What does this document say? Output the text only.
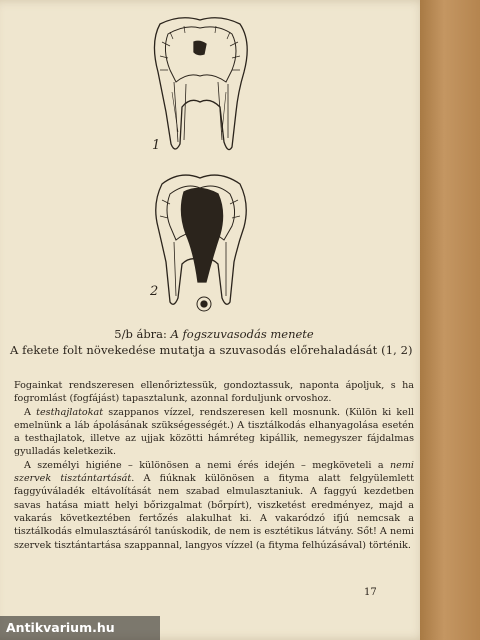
1
2
5/b ábra: A fogszuvasodás menete
A fekete folt növekedése mutatja a szuvasodás előrehaladását (1, 2)

Fogainkat rendszeresen ellenőriztessük, gondoztassuk, naponta ápoljuk, s ha fogromlást (fogfájást) tapasztalunk, azonnal forduljunk orvoshoz.

A testhajlatokat szappanos vízzel, rendszeresen kell mosnunk. (Külön ki kell emelnünk a láb ápolásának szükségességét.) A tisztálkodás elhanyagolása esetén a testhajlatok, illetve az ujjak közötti hámréteg kipállik, nemegyszer fájdalmas gyulladás keletkezik.

A személyi higiéne – különösen a nemi érés idején – megköveteli a nemi szervek tisztántartását. A fiúknak különösen a fityma alatt felgyülemlett faggyúváladék eltávolítását nem szabad elmulasztaniuk. A faggyú kezdetben savas hatása miatt helyi bőrizgalmat (bőrpírt), viszketést eredményez, majd a vakarás következtében fertőzés alakulhat ki. A vakaródzó ifjú nemcsak a tisztálkodás elmulasztásáról tanúskodik, de nem is esztétikus látvány. Sőt! A nemi szervek tisztántartása szappannal, langyos vízzel (a fityma felhúzásával) történik.

17
Antikvarium.hu
